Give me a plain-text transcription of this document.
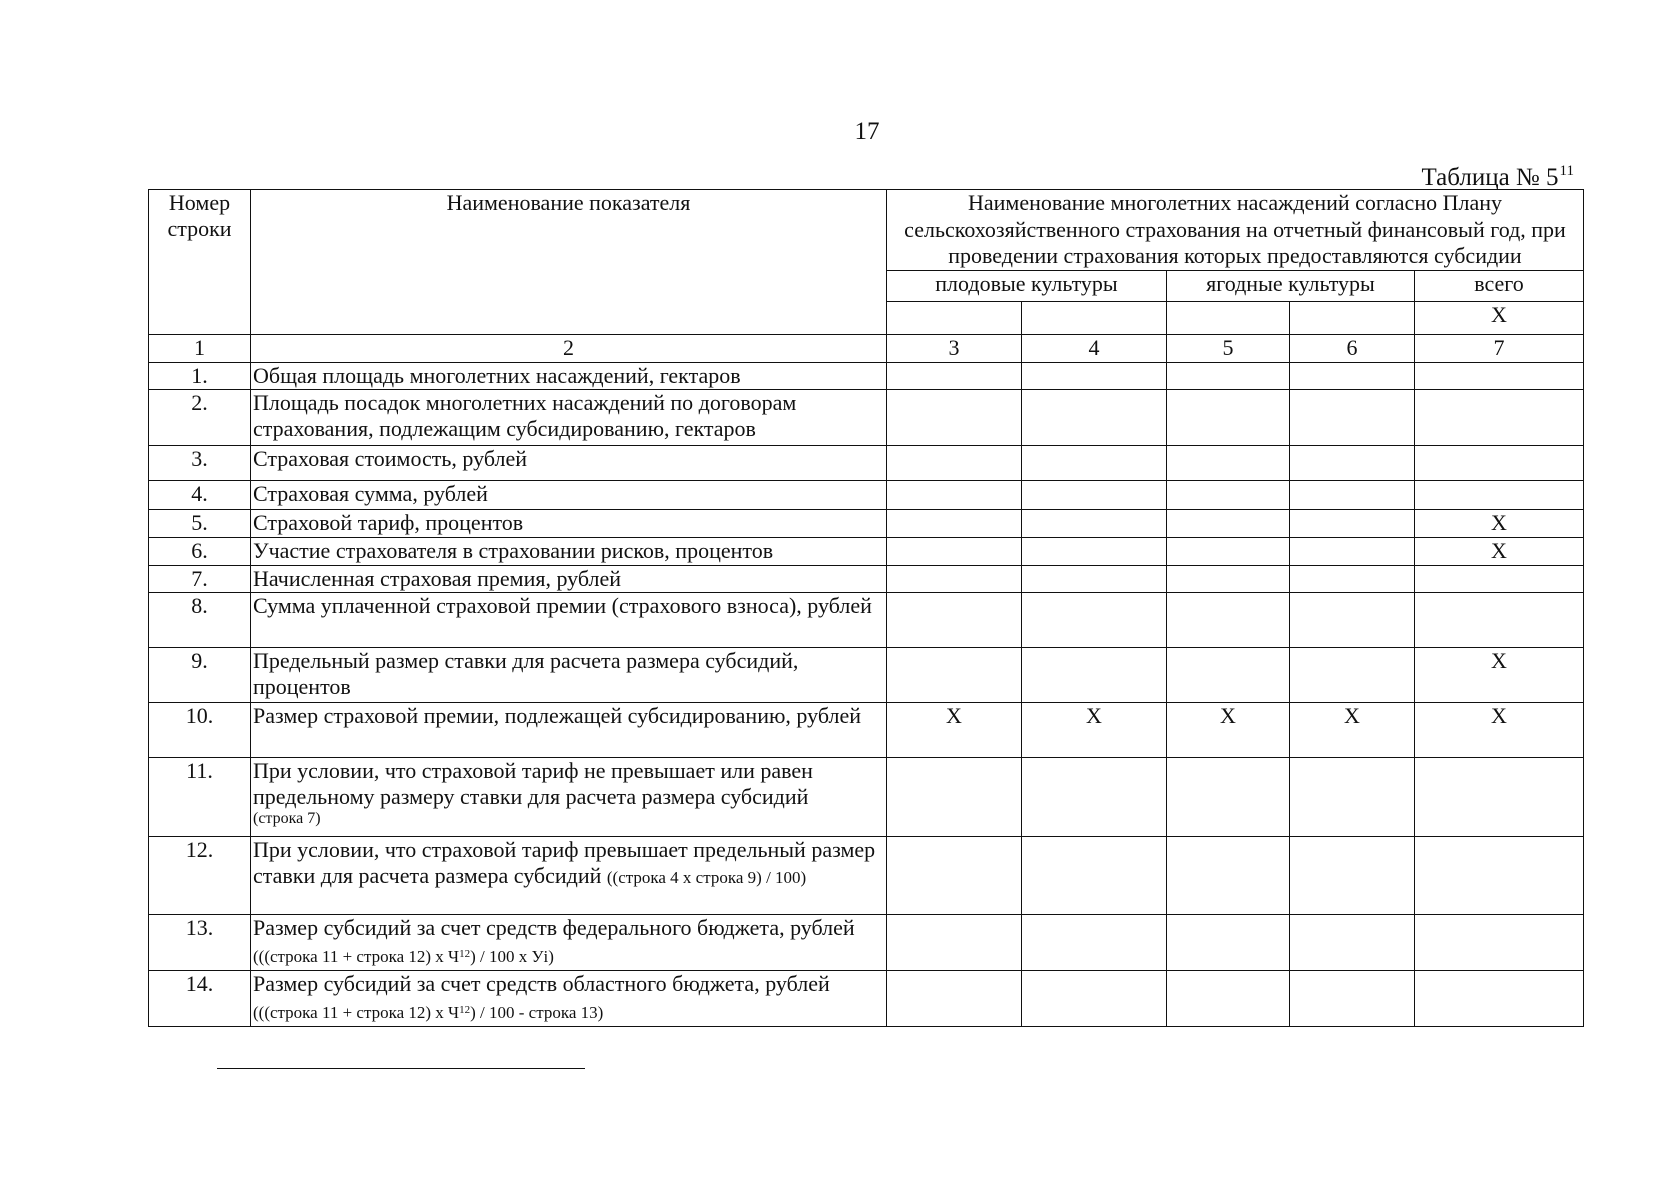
17
Таблица № $5^{11}$
Номер строки	Наименование показателя	Наименование многолетних насаждений согласно Плану сельскохозяйственного страхования на отчетный финансовый год, при проведении страхования которых предоставляются субсидии				
		плодовые культуры		ягодные культуры		всего
						X
1	2	3	4	5	6	7
1.	Общая площадь многолетних насаждений, гектаров					
2.	Площадь посадок многолетних насаждений по договорам страхования, подлежащим субсидированию, гектаров					
3.	Страховая стоимость, рублей					
4.	Страховая сумма, рублей					
5.	Страховой тариф, процентов					X
6.	Участие страхователя в страховании рисков, процентов					X
7.	Начисленная страховая премия, рублей					
8.	Сумма уплаченной страховой премии (страхового взноса), рублей					
9.	Предельный размер ставки для расчета размера субсидий, процентов					X
10.	Размер страховой премии, подлежащей субсидированию, рублей	X	X	X	X	X
11.	При условии, что страховой тариф не превышает или равен предельному размеру ставки для расчета размера субсидий
(строка 7)					

12.	При условии, что страховой тариф превышает предельный размер ставки для расчета размера субсидий ((строка 4 х строка 9) / 100)					
13.	Размер субсидий за счет средств федерального бюджета, рублей (((строка 11 + строка 12) х Ч$^{12}$) / 100 х Уi)					
14.	Размер субсидий за счет средств областного бюджета, рублей (((строка 11 + строка 12) х Ч$^{12}$) / 100 - строка 13)					
